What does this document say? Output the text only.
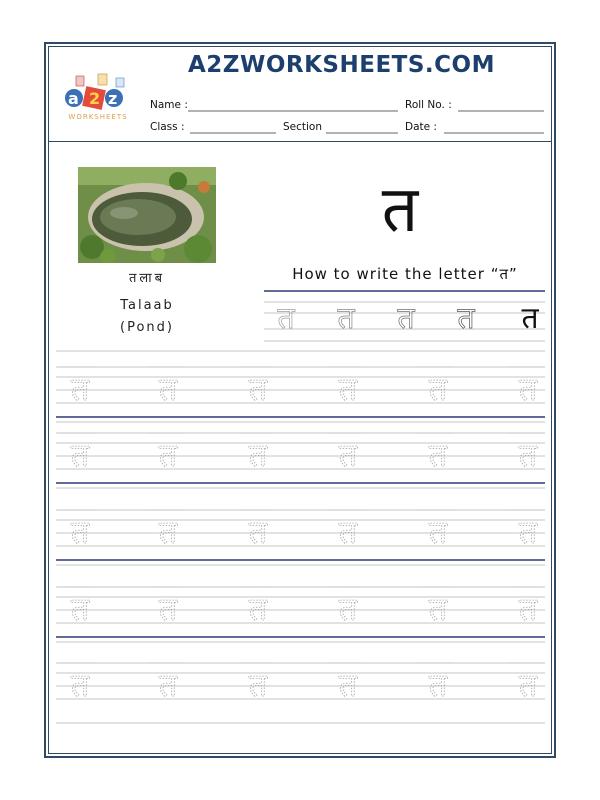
A2ZWORKSHEETS.COM
a 2 z
WORKSHEETS
Name :	Roll No. :
Class :	Section	Date :
तलाब
Talaab
(Pond)
त
How to write the letter “त”
त त त त त
त त त त त त
त त त त त त
त त त त त त
त त त त त त
त त त त त त
